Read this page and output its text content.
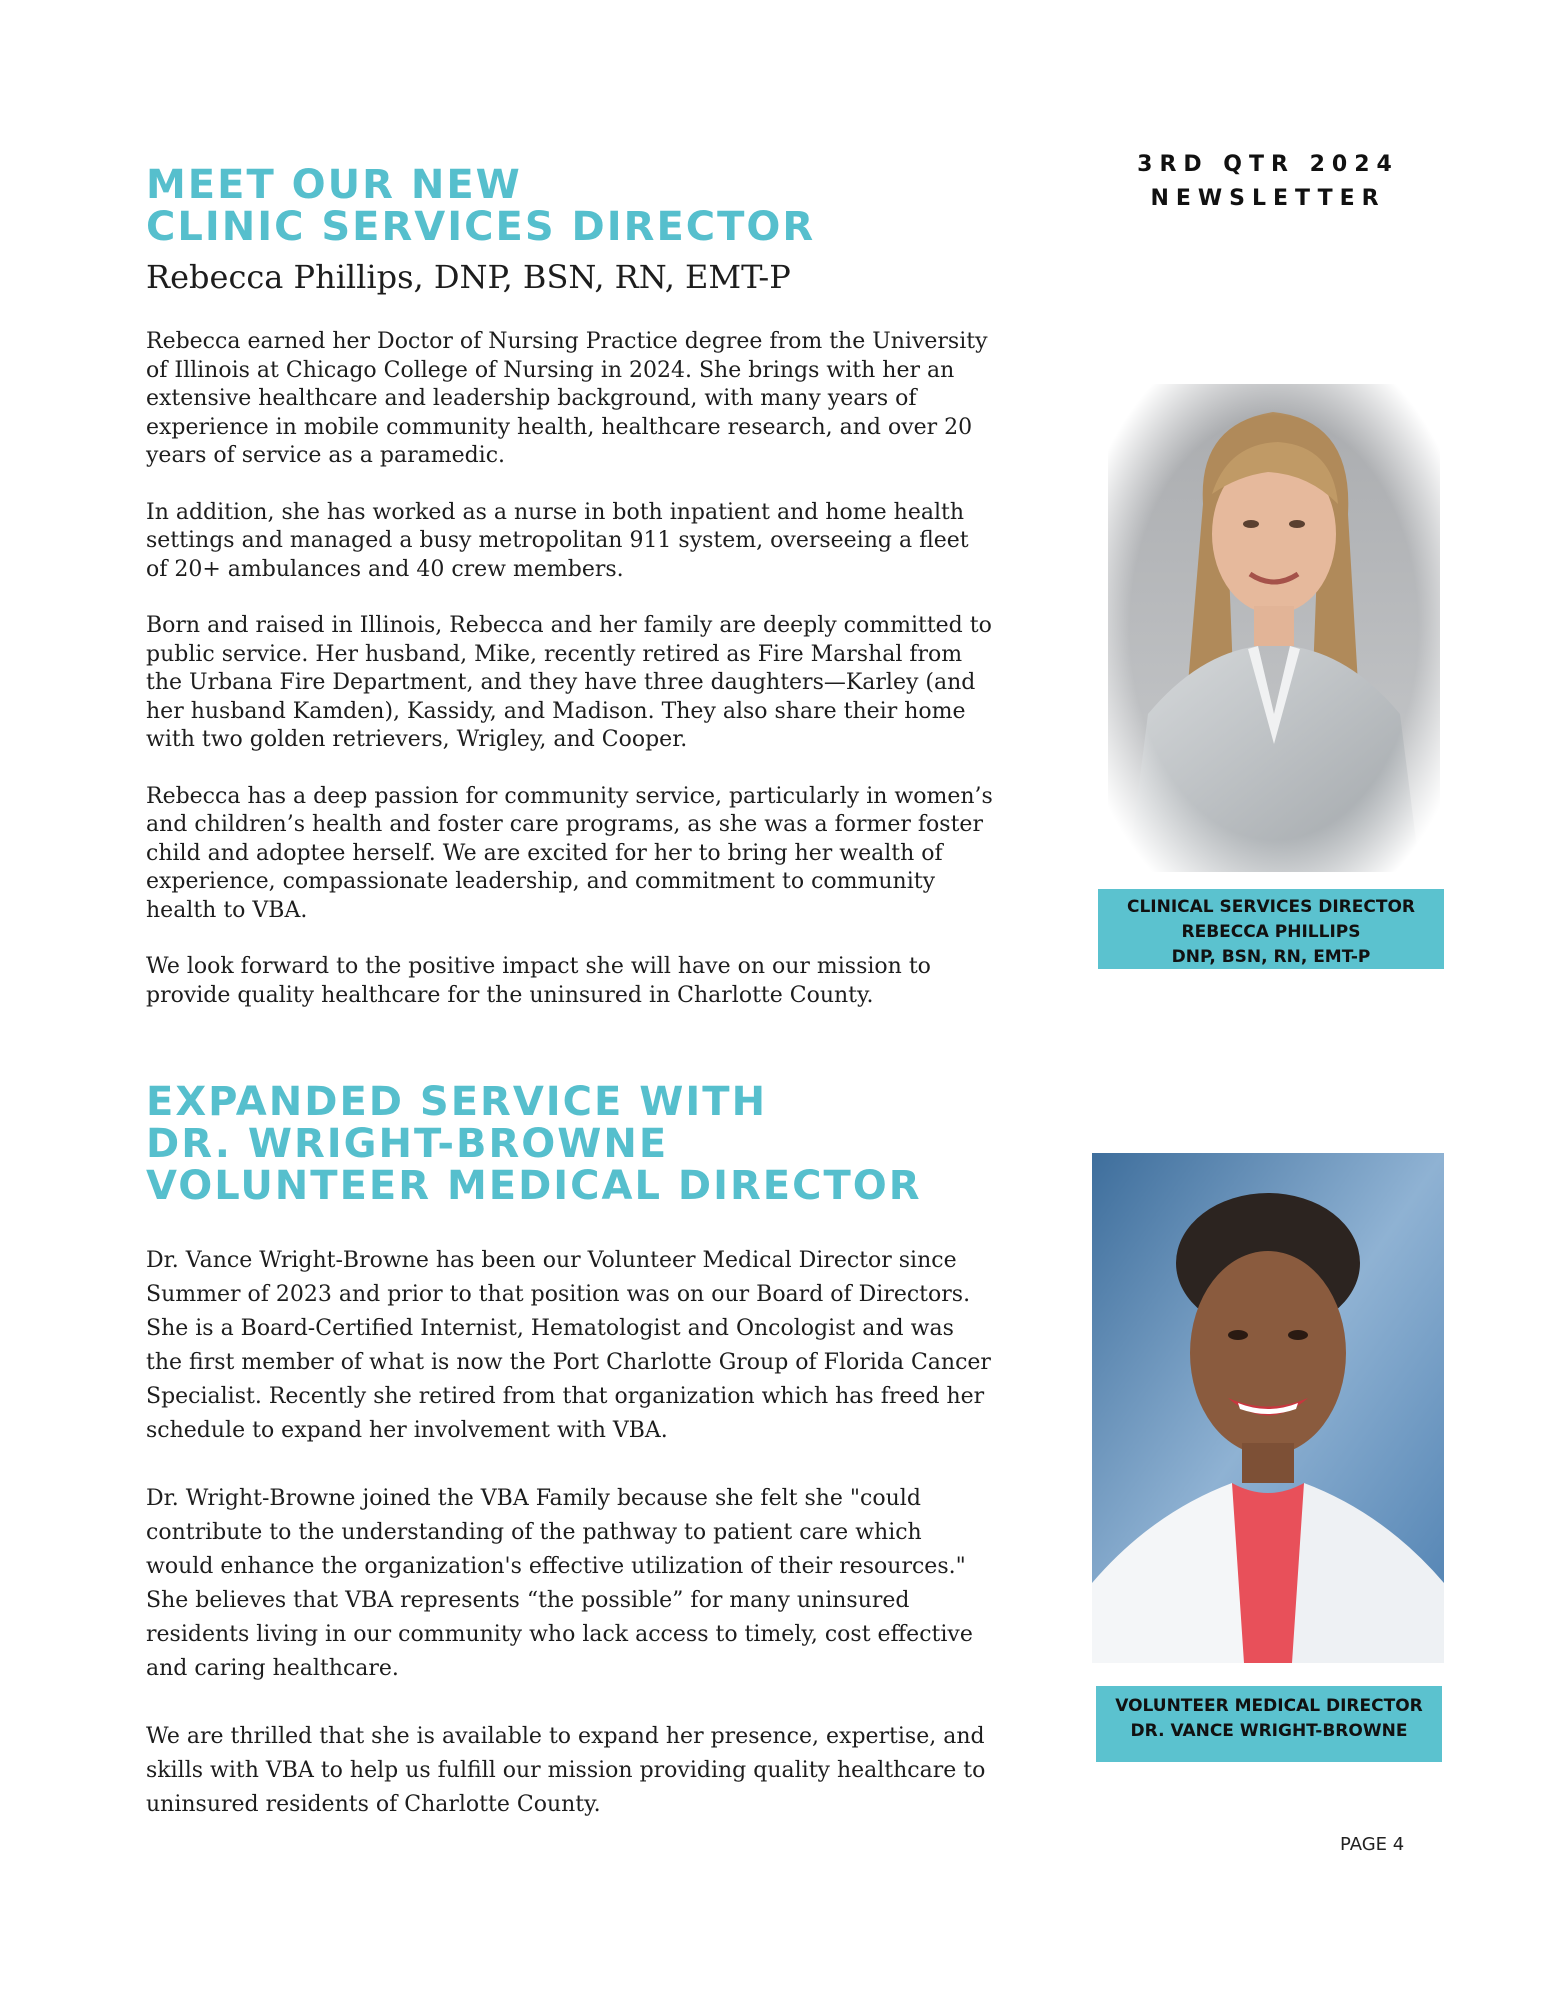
3RD QTR 2024
NEWSLETTER
MEET OUR NEW
CLINIC SERVICES DIRECTOR
Rebecca Phillips, DNP, BSN, RN, EMT-P

Rebecca earned her Doctor of Nursing Practice degree from the University of Illinois at Chicago College of Nursing in 2024. She brings with her an extensive healthcare and leadership background, with many years of experience in mobile community health, healthcare research, and over 20 years of service as a paramedic.

In addition, she has worked as a nurse in both inpatient and home health settings and managed a busy metropolitan 911 system, overseeing a fleet of 20+ ambulances and 40 crew members.

Born and raised in Illinois, Rebecca and her family are deeply committed to public service. Her husband, Mike, recently retired as Fire Marshal from the Urbana Fire Department, and they have three daughters—Karley (and her husband Kamden), Kassidy, and Madison. They also share their home with two golden retrievers, Wrigley, and Cooper.

Rebecca has a deep passion for community service, particularly in women’s and children’s health and foster care programs, as she was a former foster child and adoptee herself. We are excited for her to bring her wealth of experience, compassionate leadership, and commitment to community health to VBA.

We look forward to the positive impact she will have on our mission to provide quality healthcare for the uninsured in Charlotte County.

CLINICAL SERVICES DIRECTOR
REBECCA PHILLIPS
DNP, BSN, RN, EMT-P
EXPANDED SERVICE WITH
DR. WRIGHT-BROWNE
VOLUNTEER MEDICAL DIRECTOR

Dr. Vance Wright-Browne has been our Volunteer Medical Director since Summer of 2023 and prior to that position was on our Board of Directors. She is a Board-Certified Internist, Hematologist and Oncologist and was the first member of what is now the Port Charlotte Group of Florida Cancer Specialist. Recently she retired from that organization which has freed her schedule to expand her involvement with VBA.

Dr. Wright-Browne joined the VBA Family because she felt she "could contribute to the understanding of the pathway to patient care which would enhance the organization's effective utilization of their resources." She believes that VBA represents “the possible” for many uninsured residents living in our community who lack access to timely, cost effective and caring healthcare.

We are thrilled that she is available to expand her presence, expertise, and skills with VBA to help us fulfill our mission providing quality healthcare to uninsured residents of Charlotte County.

VOLUNTEER MEDICAL DIRECTOR
DR. VANCE WRIGHT-BROWNE
PAGE 4
